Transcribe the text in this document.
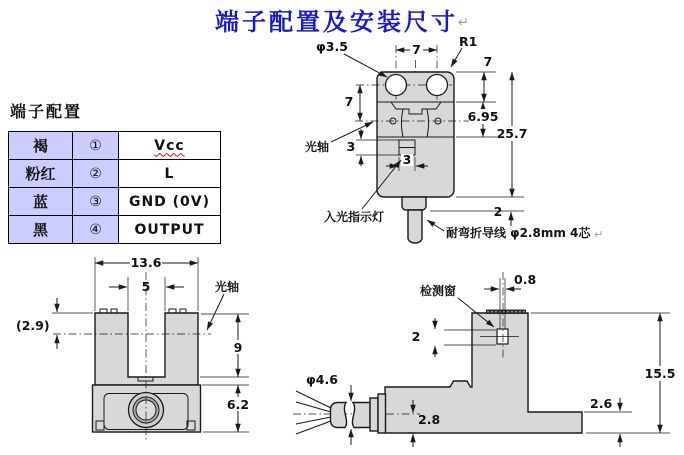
端子配置及安装尺寸↵
端子配置
褐	①	Vcc
粉红	②	L
蓝	③	GND (0V)
黑	④	OUTPUT
7
φ3.5	R1
7
光轴 3
3
入光指示灯
7
6.95
25.7
2
耐弯折导线 φ2.8mm 4芯 ↵
13.6
5	光轴
(2.9)
9
6.2
0.8
检测窗
2
15.5
2.6
φ4.6
2.8
